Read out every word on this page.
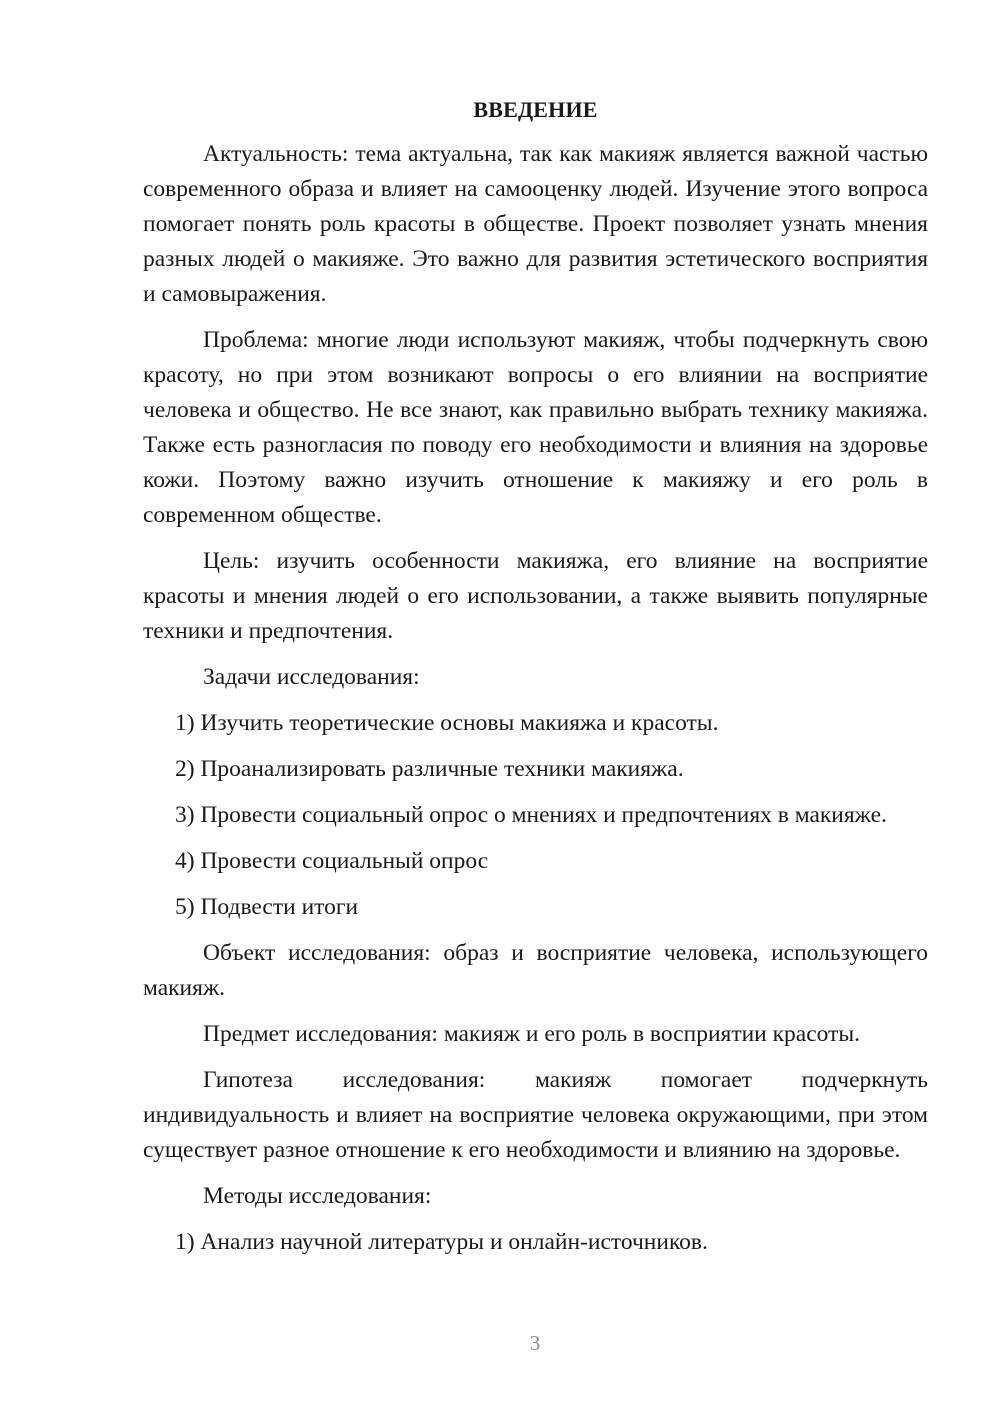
ВВЕДЕНИЕ

Актуальность: тема актуальна, так как макияж является важной частью современного образа и влияет на самооценку людей. Изучение этого вопроса помогает понять роль красоты в обществе. Проект позволяет узнать мнения разных людей о макияже. Это важно для развития эстетического восприятия и самовыражения.

Проблема: многие люди используют макияж, чтобы подчеркнуть свою красоту, но при этом возникают вопросы о его влиянии на восприятие человека и общество. Не все знают, как правильно выбрать технику макияжа. Также есть разногласия по поводу его необходимости и влияния на здоровье кожи. Поэтому важно изучить отношение к макияжу и его роль в современном обществе.

Цель: изучить особенности макияжа, его влияние на восприятие красоты и мнения людей о его использовании, а также выявить популярные техники и предпочтения.

Задачи исследования:

1) Изучить теоретические основы макияжа и красоты.

2) Проанализировать различные техники макияжа.

3) Провести социальный опрос о мнениях и предпочтениях в макияже.

4) Провести социальный опрос

5) Подвести итоги

Объект исследования: образ и восприятие человека, использующего макияж.

Предмет исследования: макияж и его роль в восприятии красоты.

Гипотеза исследования: макияж помогает подчеркнуть индивидуальность и влияет на восприятие человека окружающими, при этом существует разное отношение к его необходимости и влиянию на здоровье.

Методы исследования:

1) Анализ научной литературы и онлайн-источников.

3
